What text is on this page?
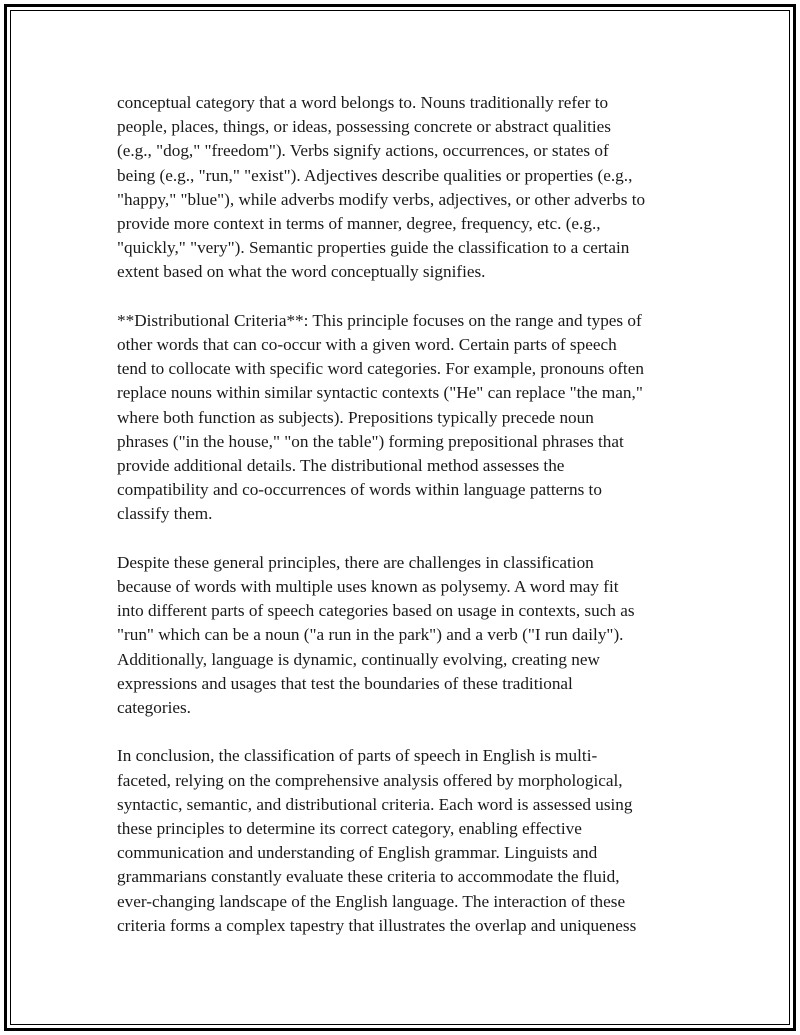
conceptual category that a word belongs to. Nouns traditionally refer to
people, places, things, or ideas, possessing concrete or abstract qualities
(e.g., "dog," "freedom"). Verbs signify actions, occurrences, or states of
being (e.g., "run," "exist"). Adjectives describe qualities or properties (e.g.,
"happy," "blue"), while adverbs modify verbs, adjectives, or other adverbs to
provide more context in terms of manner, degree, frequency, etc. (e.g.,
"quickly," "very"). Semantic properties guide the classification to a certain
extent based on what the word conceptually signifies.

**Distributional Criteria**: This principle focuses on the range and types of
other words that can co-occur with a given word. Certain parts of speech
tend to collocate with specific word categories. For example, pronouns often
replace nouns within similar syntactic contexts ("He" can replace "the man,"
where both function as subjects). Prepositions typically precede noun
phrases ("in the house," "on the table") forming prepositional phrases that
provide additional details. The distributional method assesses the
compatibility and co-occurrences of words within language patterns to
classify them.

Despite these general principles, there are challenges in classification
because of words with multiple uses known as polysemy. A word may fit
into different parts of speech categories based on usage in contexts, such as
"run" which can be a noun ("a run in the park") and a verb ("I run daily").
Additionally, language is dynamic, continually evolving, creating new
expressions and usages that test the boundaries of these traditional
categories.

In conclusion, the classification of parts of speech in English is multi-
faceted, relying on the comprehensive analysis offered by morphological,
syntactic, semantic, and distributional criteria. Each word is assessed using
these principles to determine its correct category, enabling effective
communication and understanding of English grammar. Linguists and
grammarians constantly evaluate these criteria to accommodate the fluid,
ever-changing landscape of the English language. The interaction of these
criteria forms a complex tapestry that illustrates the overlap and uniqueness
